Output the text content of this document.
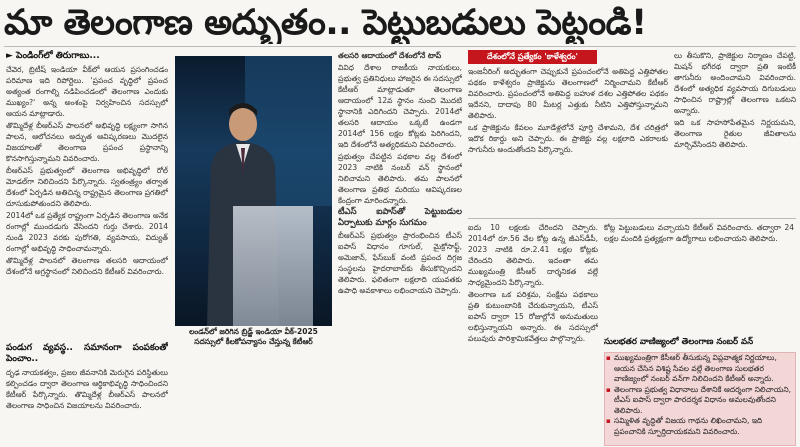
మా తెలంగాణ అద్భుతం.. పెట్టుబడులు పెట్టండి!
► పెండింగ్‌లో తిరుగాబు...

చేవెర, బ్రిటీష్ ఇండియా వీక్‌లో ఆయన ప్రసంగించడం పరిమాణ ఇది రిపోర్టెలు. 'ప్రపంచ వృద్ధిలో ప్రపంచ అత్యంత రంగాల్ని నడిపించడంలో తెలంగాణ ఎందుకు ముఖ్యం?' అన్న అంశంపై నిర్వహించిన సదస్సులో ఆయన మాట్లాడారు.

తొమ్మిదేళ్ల బీఆర్‌ఎస్ పాలనలో అభివృద్ధి లక్ష్యంగా సాగిన పాలన, ఆలోచనలు అద్భుత ఆవిష్కరణలు మొదలైన విజయాలతో తెలంగాణ ప్రపంచ ప్రస్థానాన్ని కొనసాగిస్తున్నామని వివరించారు.

బీఆర్‌ఎస్ ప్రభుత్వంలో తెలంగాణ అభివృద్ధిలో రోల్ మోడల్‌గా నిలిచిందని పేర్కొన్నారు. స్వతంత్ర్యం తర్వాత దేశంలో ఏర్పడిన అతిచిన్న రాష్ట్రమైన తెలంగాణ ప్రగతిలో దూసుకుపోతుందని తెలిపారు.

2014లో ఒక ప్రత్యేక రాష్ట్రంగా ఏర్పడిన తెలంగాణ అనేక రంగాల్లో ముందడుగు వేసిందని గుర్తు చేశారు. 2014 నుండి 2023 వరకు పురోగతి, వ్యవసాయ, విద్యుత్ రంగాల్లో అభివృద్ధి సాధించామన్నారు.

తొమ్మిదేళ్ల పాలనలో తెలంగాణ తలసరి ఆదాయంలో దేశంలోనే అగ్రస్థానంలో నిలిచిందని కేటీఆర్ వివరించారు.

పండుగ వ్యవస్థ.. సమానంగా పంపకంతో పెంచాం..

దృఢ నాయకత్వం, ప్రజల జీవనానికి మెరుగైన పరిస్థితులు కల్పించడం ద్వారా తెలంగాణ ఆర్థికాభివృద్ధి సాధించిందని కేటీఆర్ పేర్కొన్నారు. తొమ్మిదేళ్ల బీఆర్‌ఎస్ పాలనలో తెలంగాణ సాధించిన విజయాలను వివరించారు.

లండన్‌లో జరిగిన బ్రిడ్జ్ ఇండియా వీక్-2025 సదస్సులో కీలకోపన్యాసం చేస్తున్న కేటీఆర్

తలసరి ఆదాయంలో దేశంలోనే టాప్

వివిధ దేశాల రాజకీయ నాయకులు, ప్రభుత్వ ప్రతినిధులు హాజరైన ఈ సదస్సులో కేటీఆర్ మాట్లాడుతూ తెలంగాణ ఆదాయంలో 12వ స్థానం నుంచి మొదటి స్థానానికి ఎదిగిందని చెప్పారు. 2014లో తలసరి ఆదాయం ఒక్కటే ఉండగా 2014లో 156 లక్షల కోట్లకు పెరిగిందని, ఇది దేశంలోనే అత్యధికమని వివరించారు.

ప్రభుత్వం చేపట్టిన పథకాల వల్ల దేశంలో 2023 నాటికి నంబర్ వన్ స్థానంలో నిలిచామని తెలిపారు. తమ పాలనలో తెలంగాణ ప్రతిభ మరియు ఆవిష్కరణల కేంద్రంగా మారిందన్నారు.

టీఎస్ ఐపాస్‌తో పెట్టుబడుల ఏర్పాటుకు మార్గం సుగమం

బీఆర్‌ఎస్ ప్రభుత్వం ప్రారంభించిన టీఎస్ ఐపాస్ విధానం గూగుల్, మైక్రోసాఫ్ట్, అమెజాన్, ఫేస్‌బుక్ వంటి ప్రపంచ దిగ్గజ సంస్థలను హైదరాబాద్‌కు తీసుకొచ్చిందని తెలిపారు. ఫలితంగా లక్షలాది యువతకు ఉపాధి అవకాశాలు లభించాయని చెప్పారు.

దేశంలోనే ప్రత్యేకం 'కాళేశ్వరం'

ఇంజనీరింగ్ అద్భుతంగా చెప్పుకునే ప్రపంచంలోనే అతిపెద్ద ఎత్తిపోతల పథకం కాళేశ్వరం ప్రాజెక్టును తెలంగాణలో నిర్మించామని కేటీఆర్ వివరించారు. ప్రపంచంలోనే అతిపెద్ద బహుళ దశల ఎత్తిపోతల పథకం ఇదేనని, దాదాపు 80 మీటర్ల ఎత్తుకు నీటిని ఎత్తిపోస్తున్నామని తెలిపారు.

ఒక ప్రాజెక్టును కేవలం మూడేళ్లలోనే పూర్తి చేశామని, దేశ చరిత్రలో ఇదొక రికార్డు అని చెప్పారు. ఈ ప్రాజెక్టు వల్ల లక్షలాది ఎకరాలకు సాగునీరు అందుతోందని పేర్కొన్నారు.

లు తీసుకొని, ప్రాజెక్టుల నిర్మాణం చేపట్టి, మిషన్ భగీరథ ద్వారా ప్రతి ఇంటికీ తాగునీరు అందించామని వివరించారు. దేశంలో అత్యధిక వ్యవసాయ దిగుబడులు సాధించిన రాష్ట్రాల్లో తెలంగాణ ఒకటని అన్నారు.

ఇది ఒక సాహసోపేతమైన నిర్ణయమని, తెలంగాణ రైతుల జీవితాలను మార్చివేసిందని తెలిపారు.

ఐదు 10 లక్షలకు చేరిందని చెప్పారు. 2014లో రూ.56 వేల కోట్ల ఉన్న జీఎస్‌డీపీ, 2023 నాటికి రూ.2.41 లక్షల కోట్లకు చేరిందని తెలిపారు. ఇదంతా తమ ముఖ్యమంత్రి కేసీఆర్ దార్శనికత వల్లే సాధ్యమైందని పేర్కొన్నారు.

తెలంగాణ ఒక పరిశ్రమ, సంక్షేమ పథకాలు ప్రతి కుటుంబానికి చేరుకున్నాయని, టీఎస్ ఐపాస్ ద్వారా 15 రోజుల్లోనే అనుమతులు లభిస్తున్నాయని అన్నారు. ఈ సదస్సులో పలువురు పారిశ్రామికవేత్తలు పాల్గొన్నారు.

కోట్ల పెట్టుబడులు వచ్చాయని కేటీఆర్ వివరించారు. తద్వారా 24 లక్షల మందికి ప్రత్యక్షంగా ఉద్యోగాలు లభించాయని తెలిపారు.

సులభతర వాణిజ్యంలో తెలంగాణ నంబర్ వన్
▪ ముఖ్యమంత్రిగా కేసీఆర్ తీసుకున్న విప్లవాత్మక నిర్ణయాలు, ఆయన చేసిన విశిష్ట సేవల వల్లే తెలంగాణ సులభతర వాణిజ్యంలో నంబర్ వన్‌గా నిలిచిందని కేటీఆర్ అన్నారు.
▪ తెలంగాణ ప్రభుత్వ విధానాలు దేశానికే ఆదర్శంగా నిలిచాయని, టీఎస్ ఐపాస్ ద్వారా పారదర్శక విధానం అమలవుతోందని తెలిపారు.
▪ సమ్మిళిత వృద్ధితో విజయ గాథను లిఖించామని, ఇది ప్రపంచానికి స్ఫూర్తిదాయకమని వివరించారు.
